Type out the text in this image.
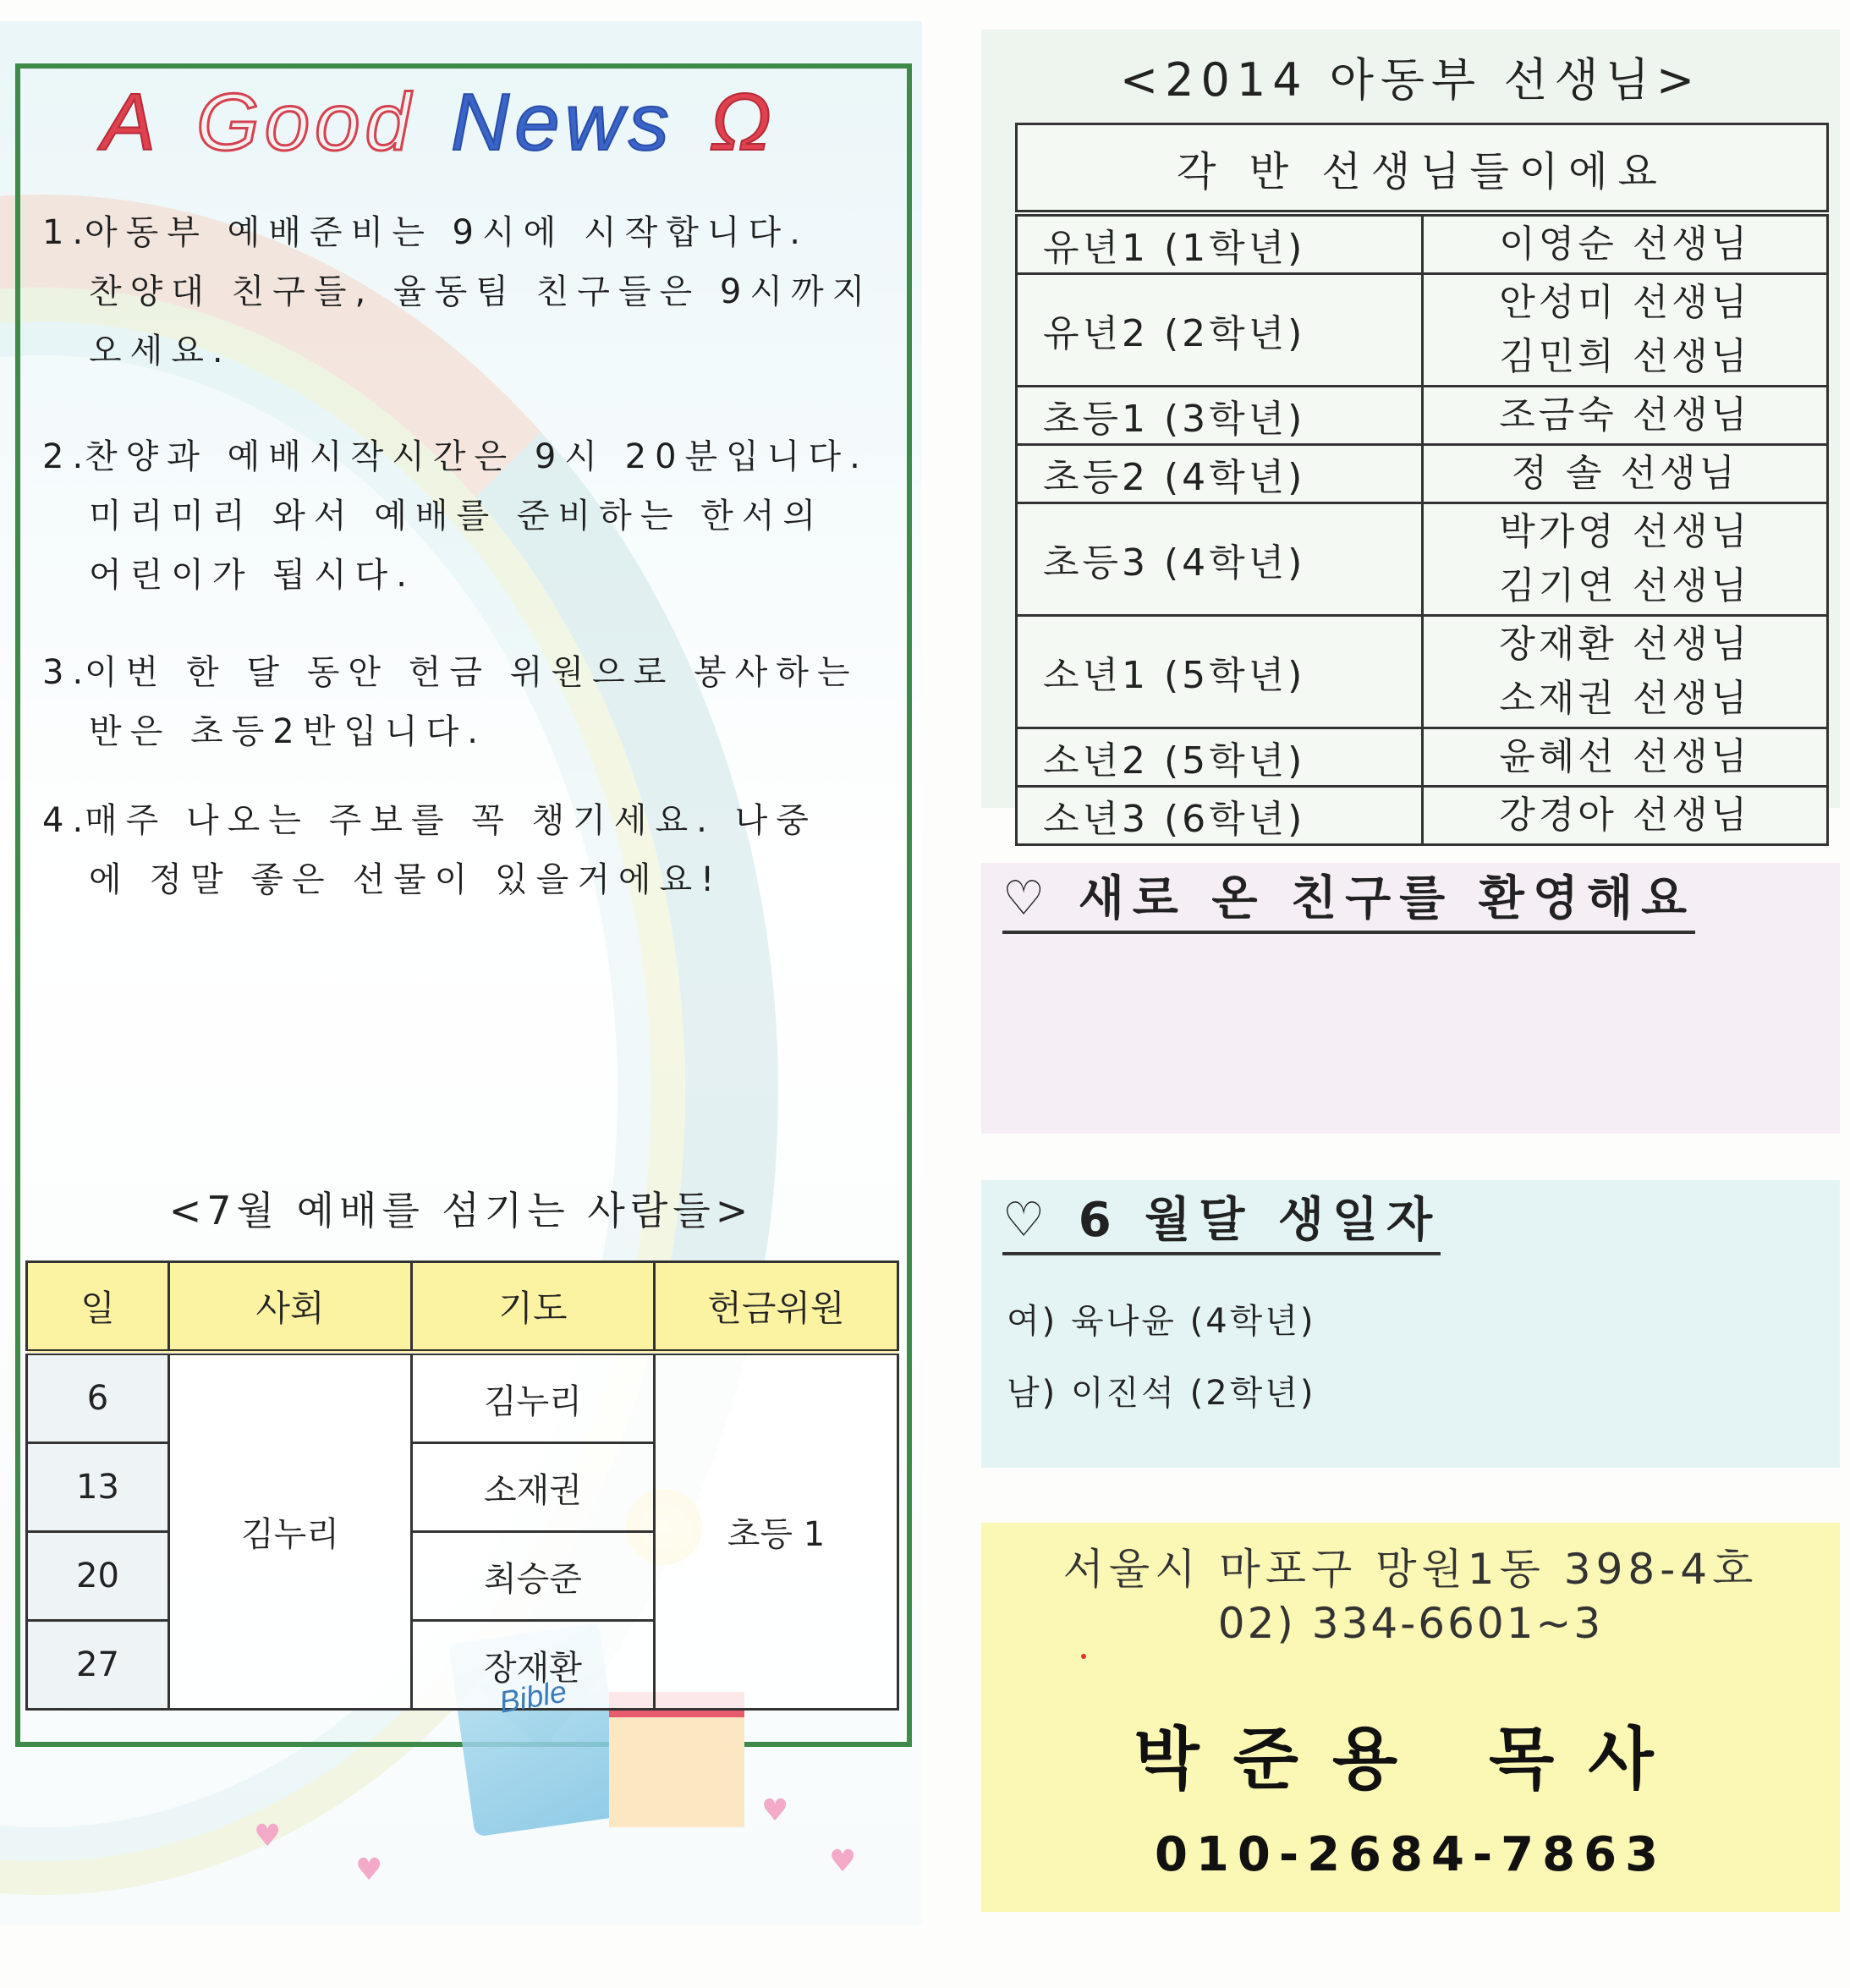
A Good News Ω
1.아동부 예배준비는 9시에 시작합니다.
찬양대 친구들, 율동팀 친구들은 9시까지
오세요.
2.찬양과 예배시작시간은 9시 20분입니다.
미리미리 와서 예배를 준비하는 한서의
어린이가 됩시다.
3.이번 한 달 동안 헌금 위원으로 봉사하는
반은 초등2반입니다.
4.매주 나오는 주보를 꼭 챙기세요. 나중
에 정말 좋은 선물이 있을거에요!
<7월 예배를 섬기는 사람들>
일	사회	기도	헌금위원
6	김누리	김누리	초등 1
13		소재권	
20		최승준	
27		장재환	
♥
♥
♥
♥
Bible
<2014 아동부 선생님>
각 반 선생님들이에요	
유년1 (1학년)	이영순 선생님
유년2 (2학년)	안성미 선생님
김민희 선생님

초등1 (3학년)	조금숙 선생님
초등2 (4학년)	정 솔 선생님
초등3 (4학년)	박가영 선생님
김기연 선생님

소년1 (5학년)	장재환 선생님
소재권 선생님

소년2 (5학년)	윤혜선 선생님
소년3 (6학년)	강경아 선생님
♡ 새로 온 친구를 환영해요
♡ 6 월달 생일자
여) 육나윤 (4학년)
남) 이진석 (2학년)
서울시 마포구 망원1동 398-4호
02) 334-6601~3
박준용 목사
010-2684-7863
